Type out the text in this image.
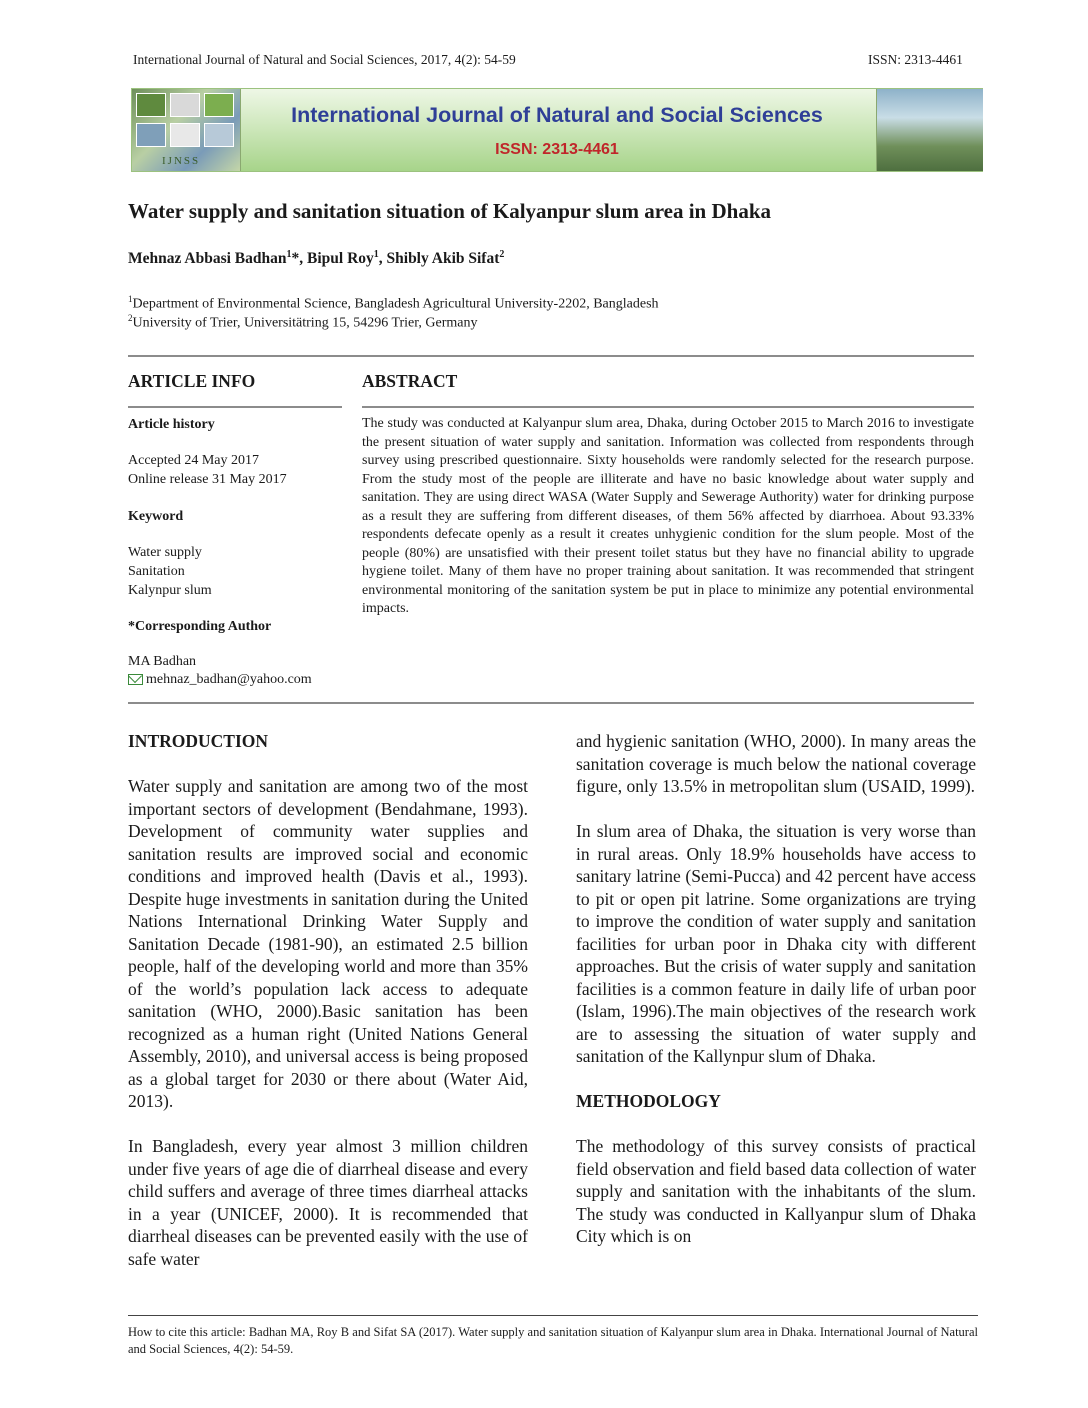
International Journal of Natural and Social Sciences, 2017, 4(2): 54-59	ISSN: 2313-4461
IJNSS
International Journal of Natural and Social Sciences
ISSN: 2313-4461
Water supply and sanitation situation of Kalyanpur slum area in Dhaka
Mehnaz Abbasi Badhan$^1$*, Bipul Roy$^1$, Shibly Akib Sifat$^2$
$^1$Department of Environmental Science, Bangladesh Agricultural University-2202, Bangladesh
$^2$University of Trier, Universitätring 15, 54296 Trier, Germany
ARTICLE INFO	ABSTRACT
Article history
Accepted 24 May 2017
Online release 31 May 2017
Keyword
Water supply
Sanitation
Kalynpur slum
*Corresponding Author
MA Badhan
mehnaz_badhan@yahoo.com
The study was conducted at Kalyanpur slum area, Dhaka, during October 2015 to March 2016 to investigate the present situation of water supply and sanitation. Information was collected from respondents through survey using prescribed questionnaire. Sixty households were randomly selected for the research purpose. From the study most of the people are illiterate and have no basic knowledge about water supply and sanitation. They are using direct WASA (Water Supply and Sewerage Authority) water for drinking purpose as a result they are suffering from different diseases, of them 56% affected by diarrhoea. About 93.33% respondents defecate openly as a result it creates unhygienic condition for the slum people. Most of the people (80%) are unsatisfied with their present toilet status but they have no financial ability to upgrade hygiene toilet. Many of them have no proper training about sanitation. It was recommended that stringent environmental monitoring of the sanitation system be put in place to minimize any potential environmental impacts.
INTRODUCTION

Water supply and sanitation are among two of the most important sectors of development (Bendahmane, 1993). Development of community water supplies and sanitation results are improved social and economic conditions and improved health (Davis et al., 1993). Despite huge investments in sanitation during the United Nations International Drinking Water Supply and Sanitation Decade (1981-90), an estimated 2.5 billion people, half of the developing world and more than 35% of the world’s population lack access to adequate sanitation (WHO, 2000).Basic sanitation has been recognized as a human right (United Nations General Assembly, 2010), and universal access is being proposed as a global target for 2030 or there about (Water Aid, 2013).

In Bangladesh, every year almost 3 million children under five years of age die of diarrheal disease and every child suffers and average of three times diarrheal attacks in a year (UNICEF, 2000). It is recommended that diarrheal diseases can be prevented easily with the use of safe water

and hygienic sanitation (WHO, 2000). In many areas the sanitation coverage is much below the national coverage figure, only 13.5% in metropolitan slum (USAID, 1999).

In slum area of Dhaka, the situation is very worse than in rural areas. Only 18.9% households have access to sanitary latrine (Semi-Pucca) and 42 percent have access to pit or open pit latrine. Some organizations are trying to improve the condition of water supply and sanitation facilities for urban poor in Dhaka city with different approaches. But the crisis of water supply and sanitation facilities is a common feature in daily life of urban poor (Islam, 1996).The main objectives of the research work are to assessing the situation of water supply and sanitation of the Kallynpur slum of Dhaka.

METHODOLOGY

The methodology of this survey consists of practical field observation and field based data collection of water supply and sanitation with the inhabitants of the slum. The study was conducted in Kallyanpur slum of Dhaka City which is on

How to cite this article: Badhan MA, Roy B and Sifat SA (2017). Water supply and sanitation situation of Kalyanpur slum area in Dhaka. International Journal of Natural and Social Sciences, 4(2): 54-59.
